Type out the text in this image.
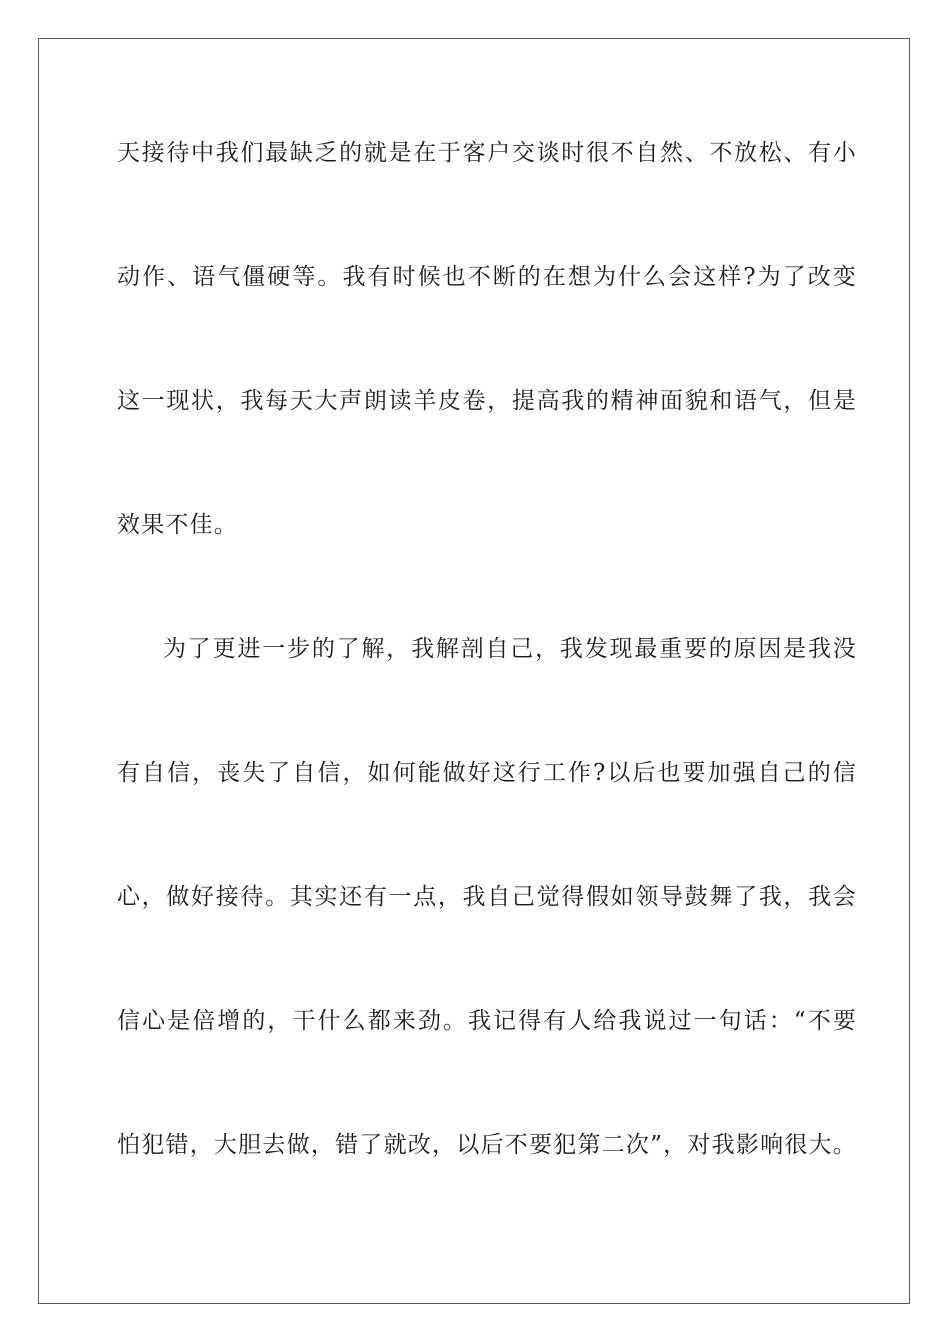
天接待中我们最缺乏的就是在于客户交谈时很不自然、不放松、有小
动作、语气僵硬等。我有时候也不断的在想为什么会这样?为了改变
这一现状，我每天大声朗读羊皮卷，提高我的精神面貌和语气，但是
效果不佳。
为了更进一步的了解，我解剖自己，我发现最重要的原因是我没
有自信，丧失了自信，如何能做好这行工作?以后也要加强自己的信
心，做好接待。其实还有一点，我自己觉得假如领导鼓舞了我，我会
信心是倍增的，干什么都来劲。我记得有人给我说过一句话：“不要
怕犯错，大胆去做，错了就改，以后不要犯第二次”，对我影响很大。
